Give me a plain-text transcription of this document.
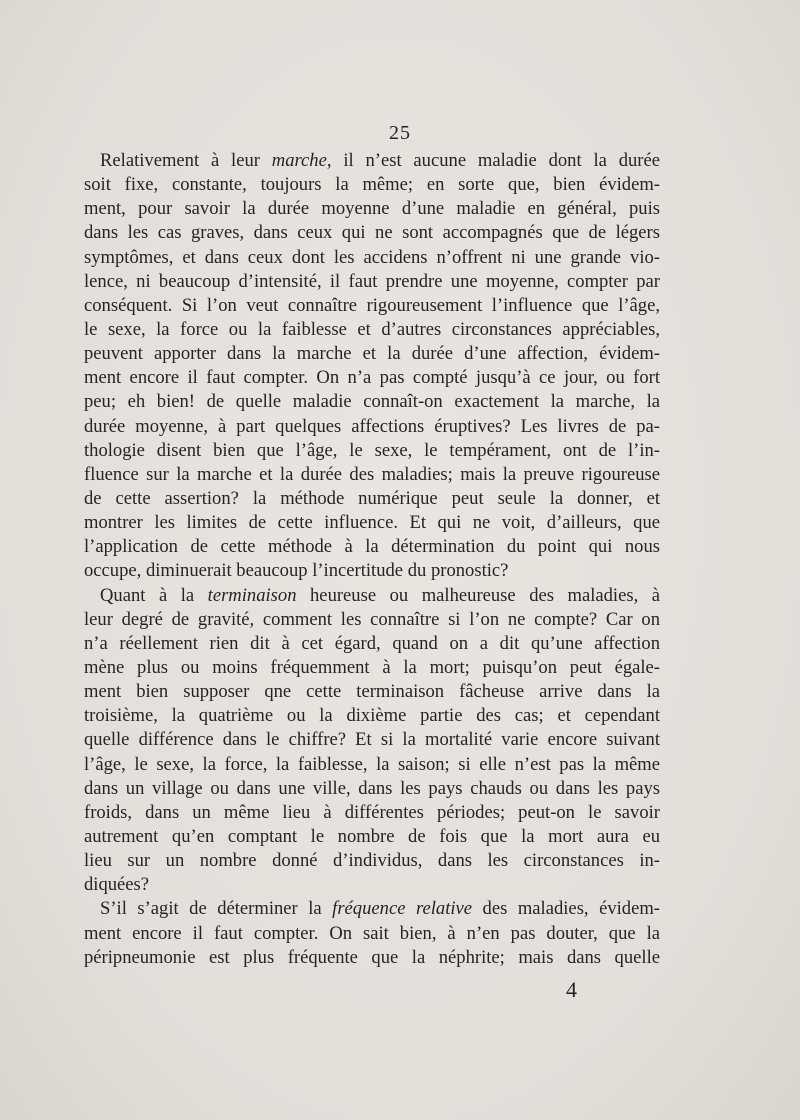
25
Relativement à leur marche, il n’est aucune maladie dont la durée
soit fixe, constante, toujours la même; en sorte que, bien évidem-
ment, pour savoir la durée moyenne d’une maladie en général, puis
dans les cas graves, dans ceux qui ne sont accompagnés que de légers
symptômes, et dans ceux dont les accidens n’offrent ni une grande vio-
lence, ni beaucoup d’intensité, il faut prendre une moyenne, compter par
conséquent. Si l’on veut connaître rigoureusement l’influence que l’âge,
le sexe, la force ou la faiblesse et d’autres circonstances appréciables,
peuvent apporter dans la marche et la durée d’une affection, évidem-
ment encore il faut compter. On n’a pas compté jusqu’à ce jour, ou fort
peu; eh bien! de quelle maladie connaît-on exactement la marche, la
durée moyenne, à part quelques affections éruptives? Les livres de pa-
thologie disent bien que l’âge, le sexe, le tempérament, ont de l’in-
fluence sur la marche et la durée des maladies; mais la preuve rigoureuse
de cette assertion? la méthode numérique peut seule la donner, et
montrer les limites de cette influence. Et qui ne voit, d’ailleurs, que
l’application de cette méthode à la détermination du point qui nous
occupe, diminuerait beaucoup l’incertitude du pronostic?
Quant à la terminaison heureuse ou malheureuse des maladies, à
leur degré de gravité, comment les connaître si l’on ne compte? Car on
n’a réellement rien dit à cet égard, quand on a dit qu’une affection
mène plus ou moins fréquemment à la mort; puisqu’on peut égale-
ment bien supposer qne cette terminaison fâcheuse arrive dans la
troisième, la quatrième ou la dixième partie des cas; et cependant
quelle différence dans le chiffre? Et si la mortalité varie encore suivant
l’âge, le sexe, la force, la faiblesse, la saison; si elle n’est pas la même
dans un village ou dans une ville, dans les pays chauds ou dans les pays
froids, dans un même lieu à différentes périodes; peut-on le savoir
autrement qu’en comptant le nombre de fois que la mort aura eu
lieu sur un nombre donné d’individus, dans les circonstances in-
diquées?
S’il s’agit de déterminer la fréquence relative des maladies, évidem-
ment encore il faut compter. On sait bien, à n’en pas douter, que la
péripneumonie est plus fréquente que la néphrite; mais dans quelle
4
